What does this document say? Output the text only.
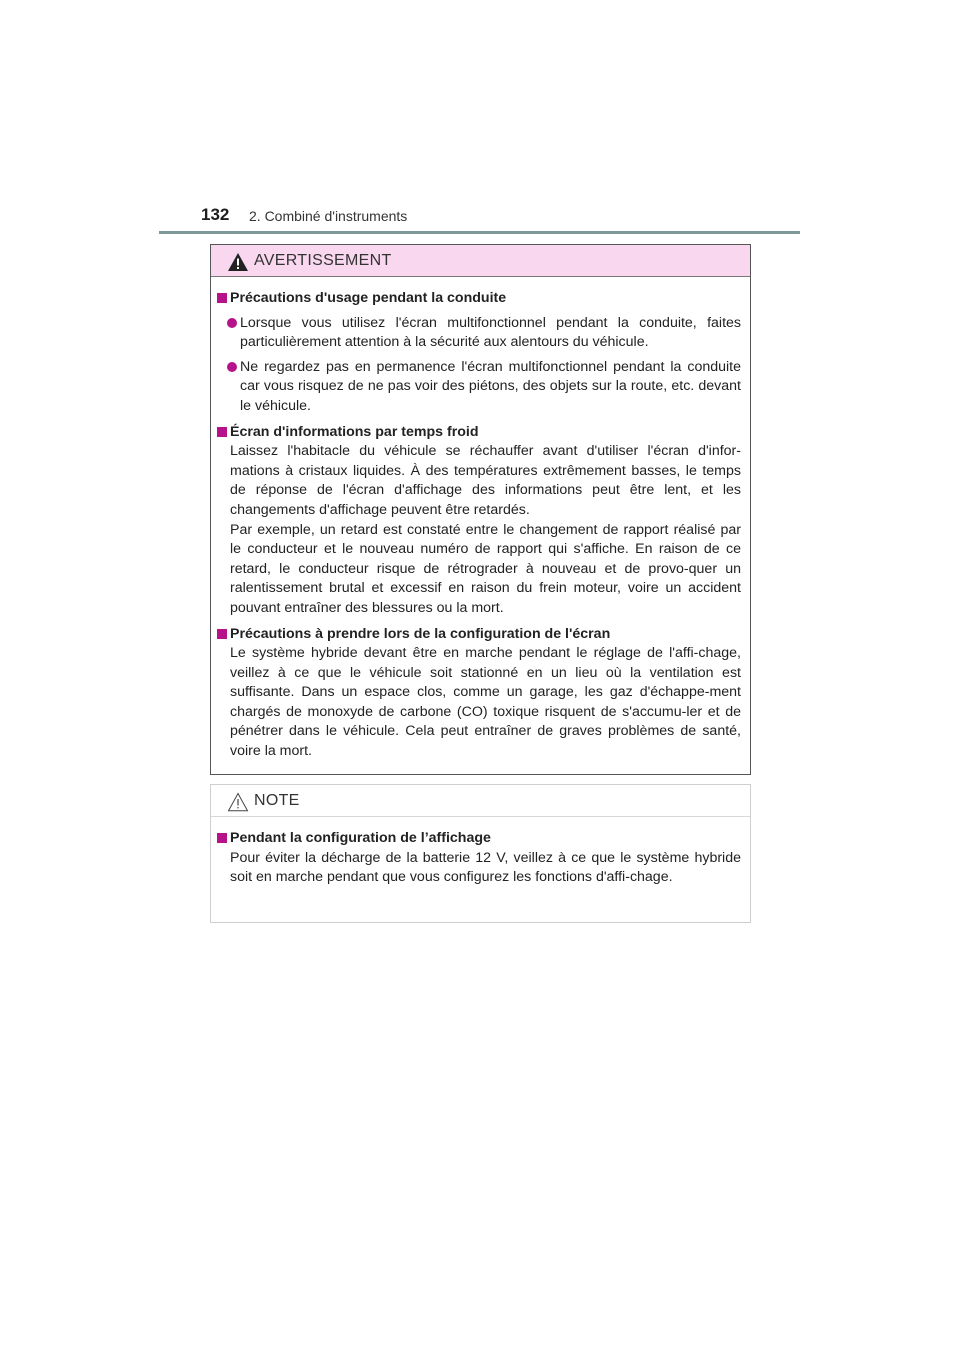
132 2. Combiné d'instruments
AVERTISSEMENT
Précautions d'usage pendant la conduite
Lorsque vous utilisez l'écran multifonctionnel pendant la conduite, faites particulièrement attention à la sécurité aux alentours du véhicule.
Ne regardez pas en permanence l'écran multifonctionnel pendant la conduite car vous risquez de ne pas voir des piétons, des objets sur la route, etc. devant le véhicule.
Écran d'informations par temps froid
Laissez l'habitacle du véhicule se réchauffer avant d'utiliser l'écran d'infor-mations à cristaux liquides. À des températures extrêmement basses, le temps de réponse de l'écran d'affichage des informations peut être lent, et les changements d'affichage peuvent être retardés.
Par exemple, un retard est constaté entre le changement de rapport réalisé par le conducteur et le nouveau numéro de rapport qui s'affiche. En raison de ce retard, le conducteur risque de rétrograder à nouveau et de provo-quer un ralentissement brutal et excessif en raison du frein moteur, voire un accident pouvant entraîner des blessures ou la mort.
Précautions à prendre lors de la configuration de l'écran
Le système hybride devant être en marche pendant le réglage de l'affi-chage, veillez à ce que le véhicule soit stationné en un lieu où la ventilation est suffisante. Dans un espace clos, comme un garage, les gaz d'échappe-ment chargés de monoxyde de carbone (CO) toxique risquent de s'accumu-ler et de pénétrer dans le véhicule. Cela peut entraîner de graves problèmes de santé, voire la mort.
NOTE
Pendant la configuration de l’affichage
Pour éviter la décharge de la batterie 12 V, veillez à ce que le système hybride soit en marche pendant que vous configurez les fonctions d'affi-chage.
